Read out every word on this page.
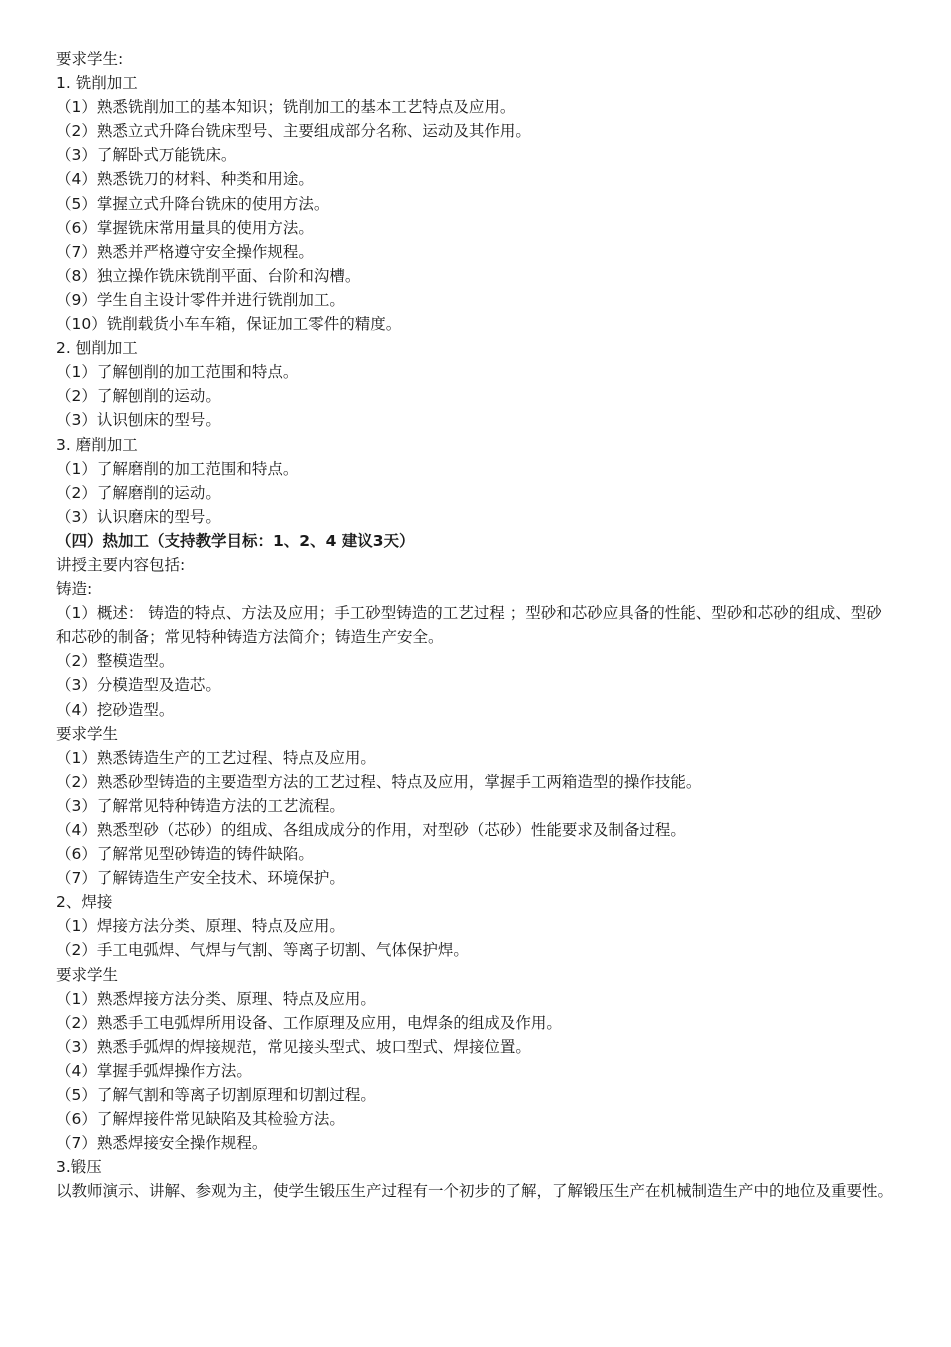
要求学生:

1. 铣削加工

（1）熟悉铣削加工的基本知识；铣削加工的基本工艺特点及应用。

（2）熟悉立式升降台铣床型号、主要组成部分名称、运动及其作用。

（3）了解卧式万能铣床。

（4）熟悉铣刀的材料、种类和用途。

（5）掌握立式升降台铣床的使用方法。

（6）掌握铣床常用量具的使用方法。

（7）熟悉并严格遵守安全操作规程。

（8）独立操作铣床铣削平面、台阶和沟槽。

（9）学生自主设计零件并进行铣削加工。

（10）铣削载货小车车箱，保证加工零件的精度。

2. 刨削加工

（1）了解刨削的加工范围和特点。

（2）了解刨削的运动。

（3）认识刨床的型号。

3. 磨削加工

（1）了解磨削的加工范围和特点。

（2）了解磨削的运动。

（3）认识磨床的型号。

（四）热加工（支持教学目标：1、2、4 建议3天）

讲授主要内容包括:

铸造:

（1）概述： 铸造的特点、方法及应用；手工砂型铸造的工艺过程 ；型砂和芯砂应具备的性能、型砂和芯砂的组成、型砂和芯砂的制备；常见特种铸造方法简介；铸造生产安全。

（2）整模造型。

（3）分模造型及造芯。

（4）挖砂造型。

要求学生

（1）熟悉铸造生产的工艺过程、特点及应用。

（2）熟悉砂型铸造的主要造型方法的工艺过程、特点及应用，掌握手工两箱造型的操作技能。

（3）了解常见特种铸造方法的工艺流程。

（4）熟悉型砂（芯砂）的组成、各组成成分的作用，对型砂（芯砂）性能要求及制备过程。

（6）了解常见型砂铸造的铸件缺陷。

（7）了解铸造生产安全技术、环境保护。

2、焊接

（1）焊接方法分类、原理、特点及应用。

（2）手工电弧焊、气焊与气割、等离子切割、气体保护焊。

要求学生

（1）熟悉焊接方法分类、原理、特点及应用。

（2）熟悉手工电弧焊所用设备、工作原理及应用，电焊条的组成及作用。

（3）熟悉手弧焊的焊接规范，常见接头型式、坡口型式、焊接位置。

（4）掌握手弧焊操作方法。

（5）了解气割和等离子切割原理和切割过程。

（6）了解焊接件常见缺陷及其检验方法。

（7）熟悉焊接安全操作规程。

3.锻压

以教师演示、讲解、参观为主，使学生锻压生产过程有一个初步的了解，了解锻压生产在机械制造生产中的地位及重要性。
